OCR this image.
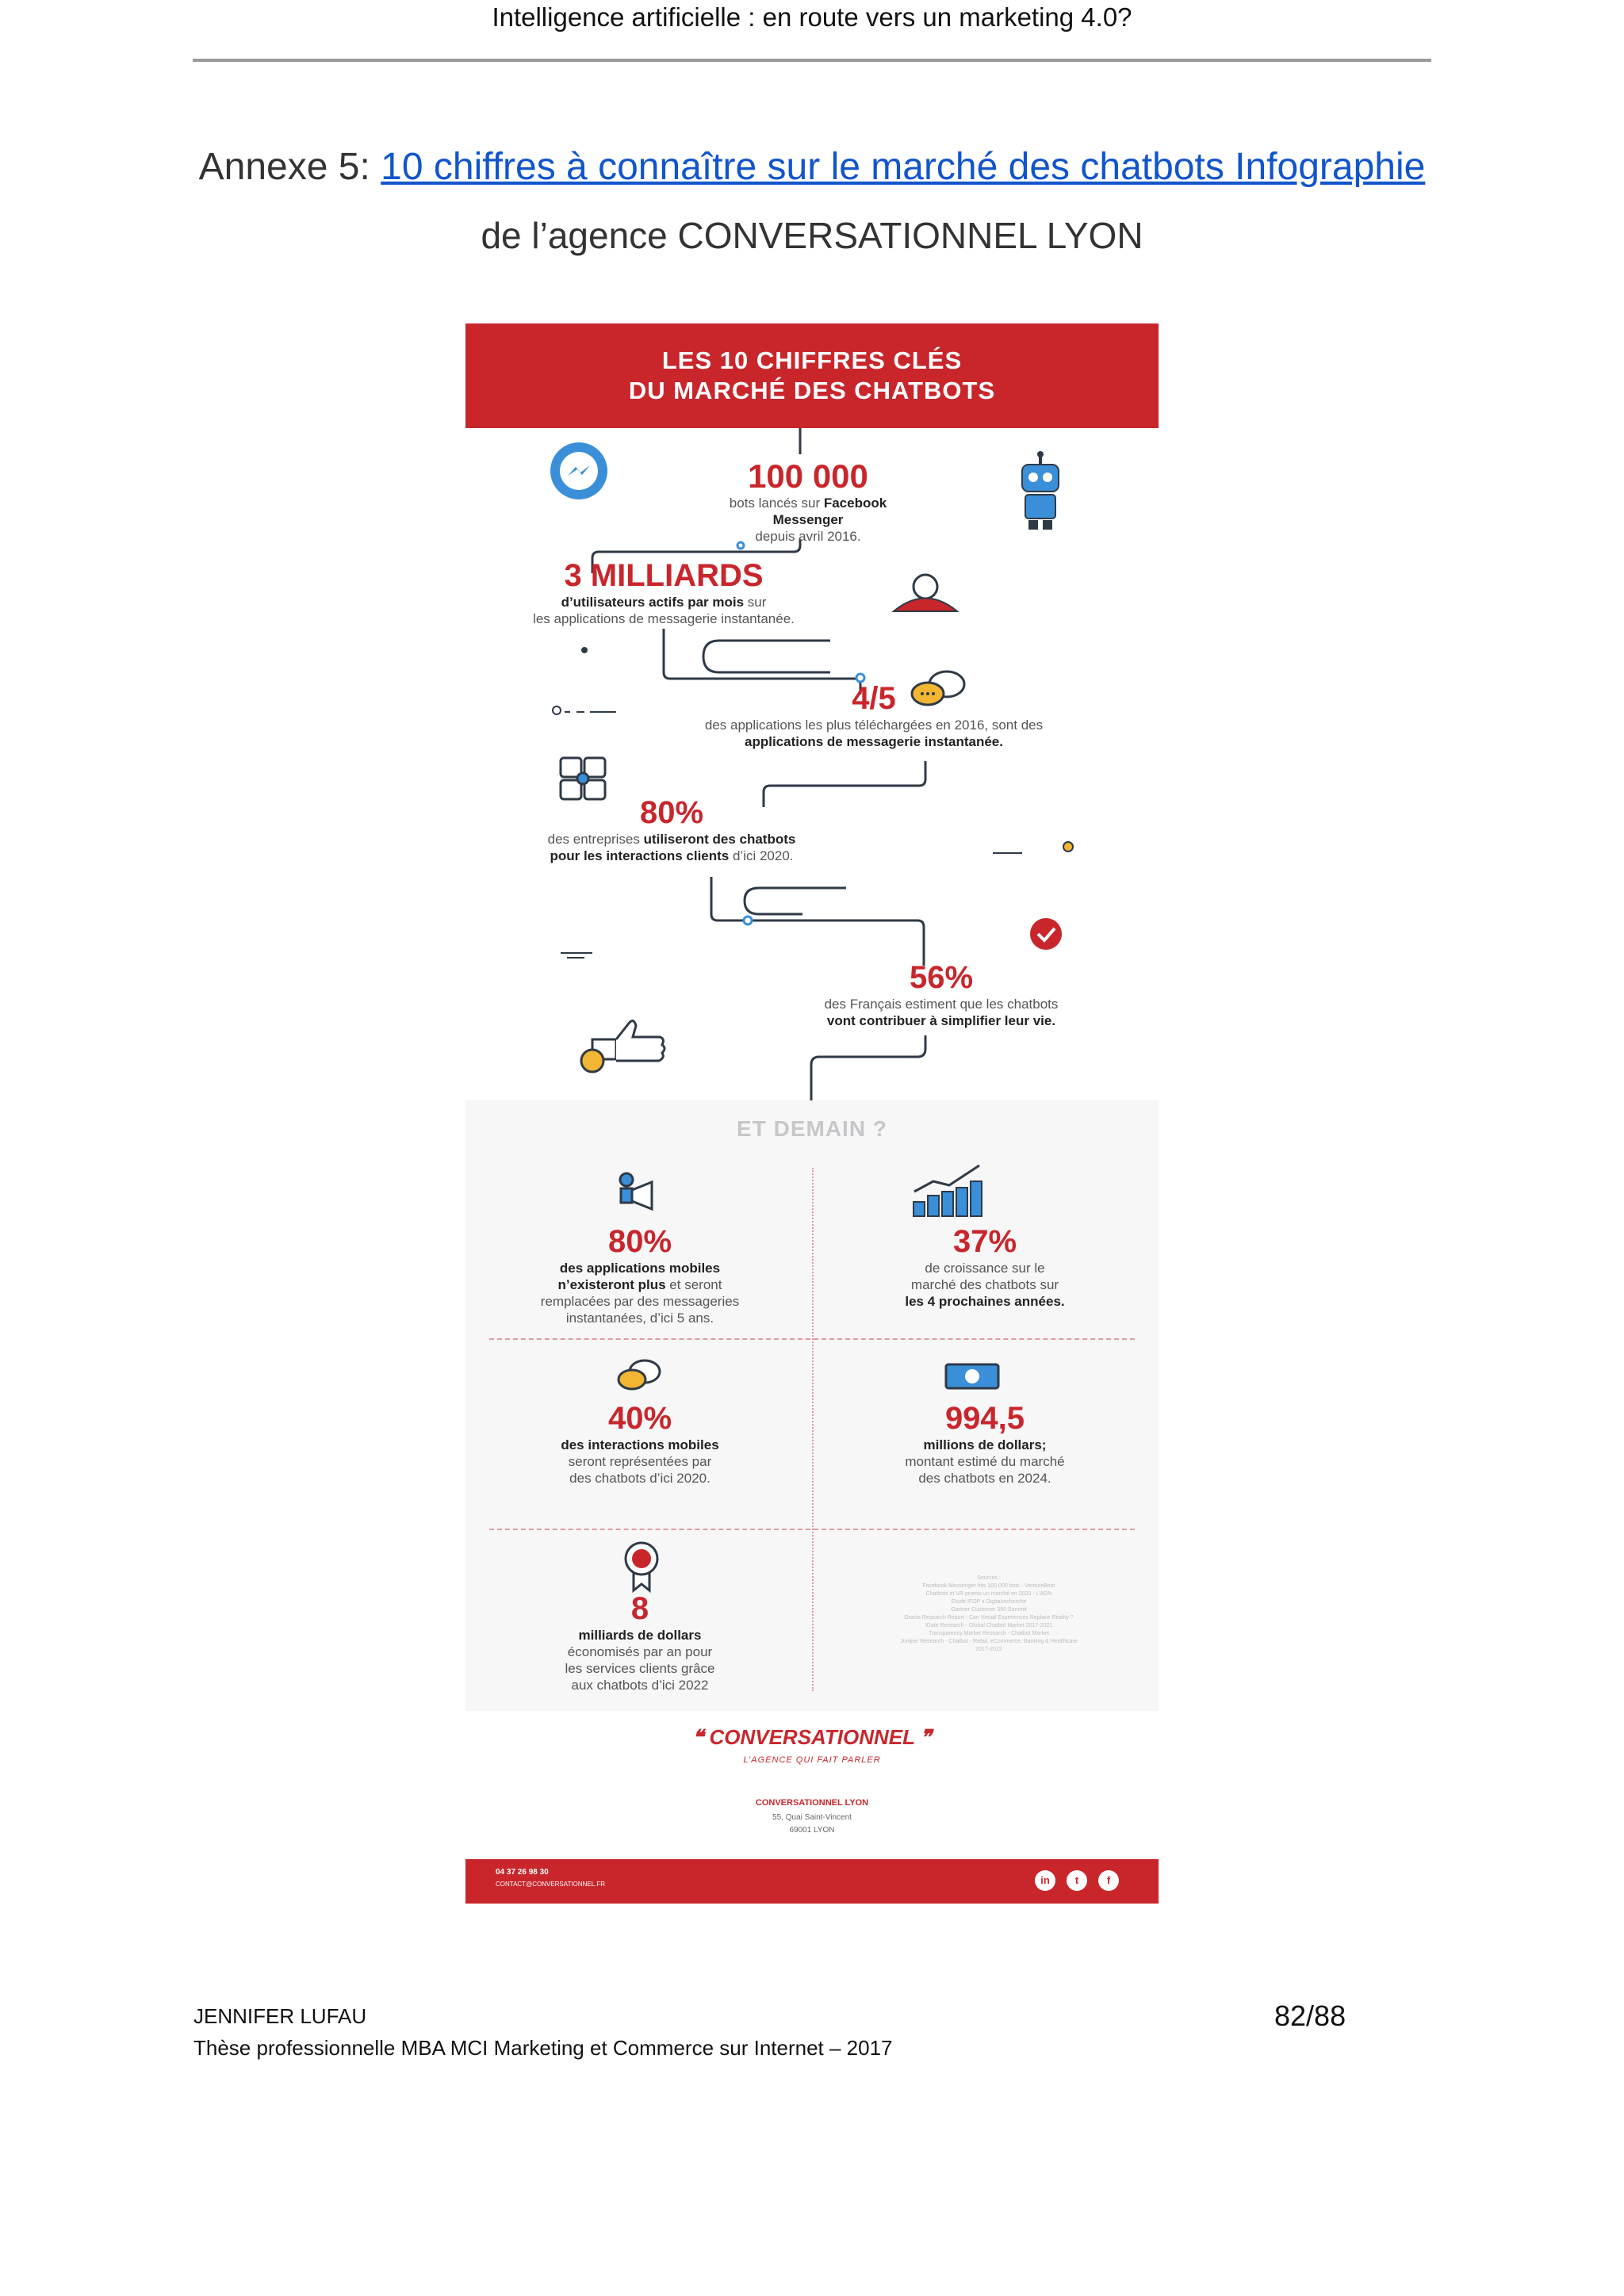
Intelligence artificielle : en route vers un marketing 4.0?
Annexe 5: 10 chiffres à connaître sur le marché des chatbots Infographie
de l’agence CONVERSATIONNEL LYON
LES 10 CHIFFRES CLÉS
DU MARCHÉ DES CHATBOTS
100 000
bots lancés sur Facebook Messenger
depuis avril 2016.
3 MILLIARDS
d’utilisateurs actifs par mois sur
les applications de messagerie instantanée.
4/5
des applications les plus téléchargées en 2016, sont des
applications de messagerie instantanée.
80%
des entreprises utiliseront des chatbots
pour les interactions clients d’ici 2020.
56%
des Français estiment que les chatbots
vont contribuer à simplifier leur vie.
ET DEMAIN ?
80%
des applications mobiles
n’existeront plus et seront
remplacées par des messageries
instantanées, d’ici 5 ans.
37%
de croissance sur le
marché des chatbots sur
les 4 prochaines années.
40%
des interactions mobiles
seront représentées par
des chatbots d’ici 2020.
994,5
millions de dollars;
montant estimé du marché
des chatbots en 2024.
8
milliards de dollars
économisés par an pour
les services clients grâce
aux chatbots d’ici 2022
Sources :
Facebook Messenger hits 100 000 bots - VentureBeat
Chatbots et VR promis un marché en 2020 - L’ADN
Etude IFOP x Digitalrecherche
Gartner Customer 360 Summit
Oracle Research Report - Can Virtual Experiences Replace Reality ?
IDate Research - Global Chatbot Market 2017-2021
Transparency Market Research - Chatbot Market
Juniper Research - Chatbot - Retail, eCommerce, Banking & Healthcare
2017-2022
❝ CONVERSATIONNEL ❞
L’AGENCE QUI FAIT PARLER
CONVERSATIONNEL LYON
55, Quai Saint-Vincent
69001 LYON
04 37 26 98 30
CONTACT@CONVERSATIONNEL.FR	in	t	f
JENNIFER LUFAU	82/88
Thèse professionnelle MBA MCI Marketing et Commerce sur Internet – 2017
